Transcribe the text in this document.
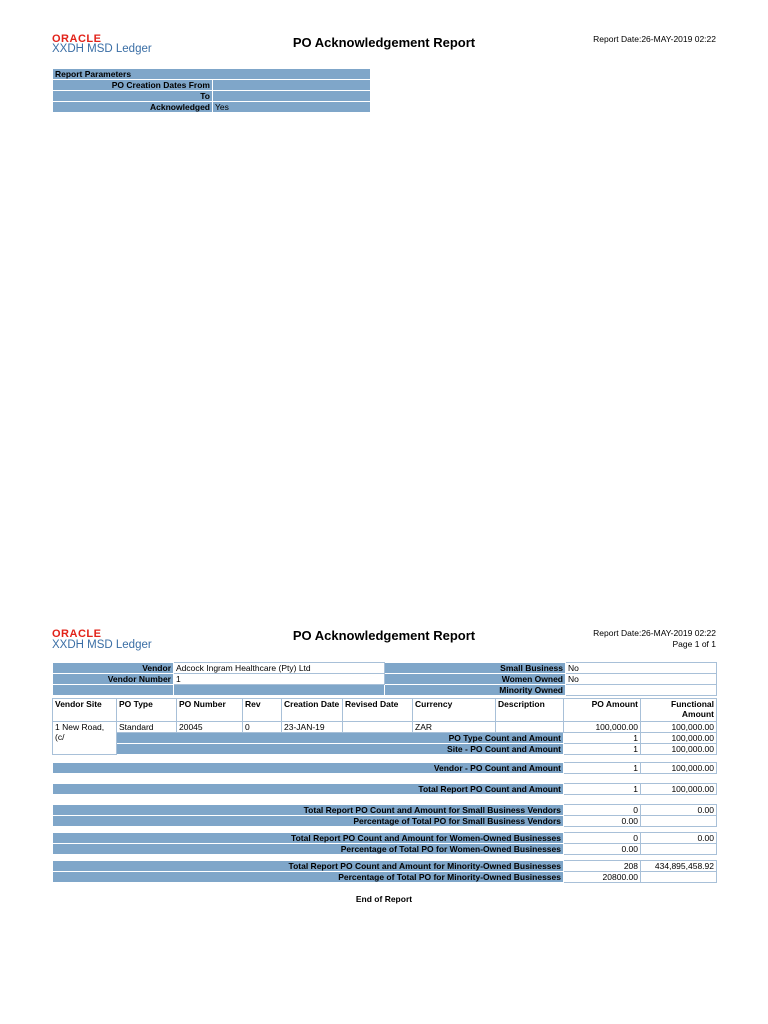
ORACLE
XXDH MSD Ledger	PO Acknowledgement Report	Report Date:26-MAY-2019 02:22
Report Parameters	
PO Creation Dates From	
To	
Acknowledged	Yes
ORACLE
XXDH MSD Ledger
PO Acknowledgement Report	Report Date:26-MAY-2019 02:22
Page 1 of 1
Vendor	Adcock Ingram Healthcare (Pty) Ltd	Small Business	No
Vendor Number	1	Women Owned	No
		Minority Owned	
Vendor Site	PO Type	PO Number	Rev	Creation Date	Revised Date	Currency	Description	PO Amount	Functional Amount
1 New Road, (c/	Standard	20045	0	23-JAN-19		ZAR		100,000.00	100,000.00
	PO Type Count and Amount							1	100,000.00
	Site - PO Count and Amount							1	100,000.00
Vendor - PO Count and Amount	1	100,000.00
Total Report PO Count and Amount	1	100,000.00
Total Report PO Count and Amount for Small Business Vendors	0	0.00
Percentage of Total PO for Small Business Vendors	0.00	
Total Report PO Count and Amount for Women-Owned Businesses	0	0.00
Percentage of Total PO for Women-Owned Businesses	0.00	
Total Report PO Count and Amount for Minority-Owned Businesses	208	434,895,458.92
Percentage of Total PO for Minority-Owned Businesses	20800.00	
End of Report
